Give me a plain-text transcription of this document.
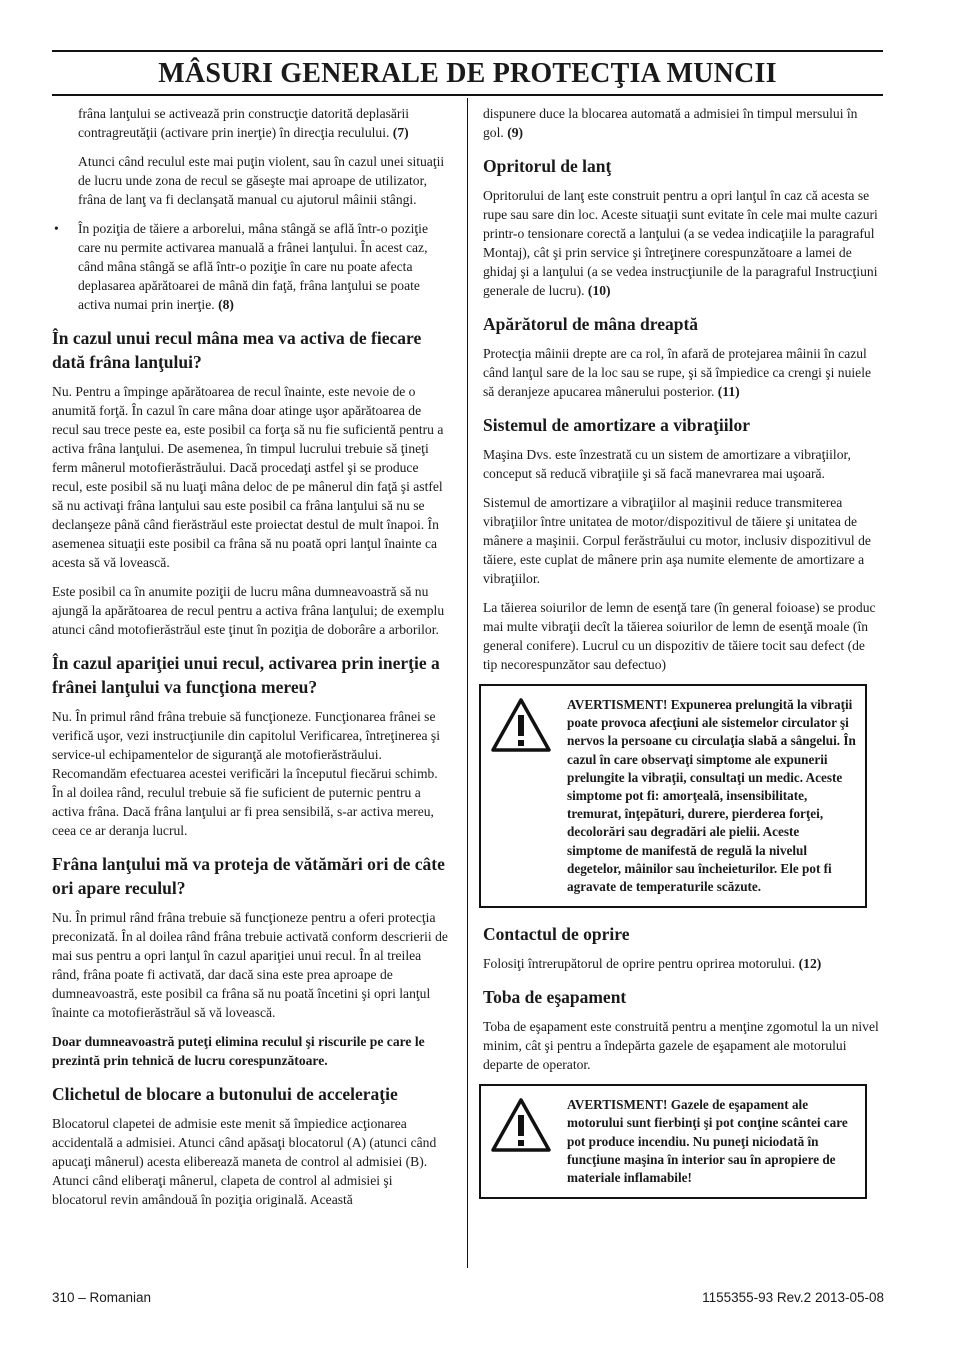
MÂSURI GENERALE DE PROTECŢIA MUNCII

frâna lanţului se activează prin construcţie datorită deplasării contragreutăţii (activare prin inerţie) în direcţia reculului. (7)

Atunci când reculul este mai puţin violent, sau în cazul unei situaţii de lucru unde zona de recul se găseşte mai aproape de utilizator, frâna de lanţ va fi declanşată manual cu ajutorul mâinii stângi.

• În poziţia de tăiere a arborelui, mâna stângă se află într-o poziţie care nu permite activarea manuală a frânei lanţului. În acest caz, când mâna stângă se află într-o poziţie în care nu poate afecta deplasarea apărătoarei de mână din faţă, frâna lanţului se poate activa numai prin inerţie. (8)

În cazul unui recul mâna mea va activa de fiecare dată frâna lanţului?

Nu. Pentru a împinge apărătoarea de recul înainte, este nevoie de o anumită forţă. În cazul în care mâna doar atinge uşor apărătoarea de recul sau trece peste ea, este posibil ca forţa să nu fie suficientă pentru a activa frâna lanţului. De asemenea, în timpul lucrului trebuie să ţineţi ferm mânerul motofierăstrăului. Dacă procedaţi astfel şi se produce recul, este posibil să nu luaţi mâna deloc de pe mânerul din faţă şi astfel să nu activaţi frâna lanţului sau este posibil ca frâna lanţului să nu se declanşeze până când fierăstrăul este proiectat destul de mult înapoi. În asemenea situaţii este posibil ca frâna să nu poată opri lanţul înainte ca acesta să vă lovească.

Este posibil ca în anumite poziţii de lucru mâna dumneavoastră să nu ajungă la apărătoarea de recul pentru a activa frâna lanţului; de exemplu atunci când motofierăstrăul este ţinut în poziţia de doborâre a arborilor.

În cazul apariţiei unui recul, activarea prin inerţie a frânei lanţului va funcţiona mereu?

Nu. În primul rând frâna trebuie să funcţioneze. Funcţionarea frânei se verifică uşor, vezi instrucţiunile din capitolul Verificarea, întreţinerea şi service-ul echipamentelor de siguranţă ale motofierăstrăului. Recomandăm efectuarea acestei verificări la începutul fiecărui schimb. În al doilea rând, reculul trebuie să fie suficient de puternic pentru a activa frâna. Dacă frâna lanţului ar fi prea sensibilă, s-ar activa mereu, ceea ce ar deranja lucrul.

Frâna lanţului mă va proteja de vătămări ori de câte ori apare reculul?

Nu. În primul rând frâna trebuie să funcţioneze pentru a oferi protecţia preconizată. În al doilea rând frâna trebuie activată conform descrierii de mai sus pentru a opri lanţul în cazul apariţiei unui recul. În al treilea rând, frâna poate fi activată, dar dacă sina este prea aproape de dumneavoastră, este posibil ca frâna să nu poată încetini şi opri lanţul înainte ca motofierăstrăul să vă lovească.

Doar dumneavoastră puteţi elimina reculul şi riscurile pe care le prezintă prin tehnică de lucru corespunzătoare.

Clichetul de blocare a butonului de acceleraţie

Blocatorul clapetei de admisie este menit să împiedice acţionarea accidentală a admisiei. Atunci când apăsaţi blocatorul (A) (atunci când apucaţi mânerul) acesta eliberează maneta de control al admisiei (B). Atunci când eliberaţi mânerul, clapeta de control al admisiei şi blocatorul revin amândouă în poziţia originală. Această

dispunere duce la blocarea automată a admisiei în timpul mersului în gol. (9)

Opritorul de lanţ

Opritorului de lanţ este construit pentru a opri lanţul în caz că acesta se rupe sau sare din loc. Aceste situaţii sunt evitate în cele mai multe cazuri printr-o tensionare corectă a lanţului (a se vedea indicaţiile la paragraful Montaj), cât şi prin service şi întreţinere corespunzătoare a lamei de ghidaj şi a lanţului (a se vedea instrucţiunile de la paragraful Instrucţiuni generale de lucru). (10)

Apărătorul de mâna dreaptă

Protecţia mâinii drepte are ca rol, în afară de protejarea mâinii în cazul când lanţul sare de la loc sau se rupe, şi să împiedice ca crengi şi nuiele să deranjeze apucarea mânerului posterior. (11)

Sistemul de amortizare a vibraţiilor

Maşina Dvs. este înzestrată cu un sistem de amortizare a vibraţiilor, conceput să reducă vibraţiile şi să facă manevrarea mai uşoară.

Sistemul de amortizare a vibraţiilor al maşinii reduce transmiterea vibraţiilor între unitatea de motor/dispozitivul de tăiere şi unitatea de mânere a maşinii. Corpul ferăstrăului cu motor, inclusiv dispozitivul de tăiere, este cuplat de mânere prin aşa numite elemente de amortizare a vibraţiilor.

La tăierea soiurilor de lemn de esenţă tare (în general foioase) se produc mai multe vibraţii decît la tăierea soiurilor de lemn de esenţă moale (în general conifere). Lucrul cu un dispozitiv de tăiere tocit sau defect (de tip necorespunzător sau defectuo)

AVERTISMENT! Expunerea prelungită la vibraţii poate provoca afecţiuni ale sistemelor circulator şi nervos la persoane cu circulaţia slabă a sângelui. În cazul în care observaţi simptome ale expunerii prelungite la vibraţii, consultaţi un medic. Aceste simptome pot fi: amorţeală, insensibilitate, tremurat, înţepături, durere, pierderea forţei, decolorări sau degradări ale pielii. Aceste simptome de manifestă de regulă la nivelul degetelor, mâinilor sau încheieturilor. Ele pot fi agravate de temperaturile scăzute.

Contactul de oprire

Folosiţi întrerupătorul de oprire pentru oprirea motorului. (12)

Toba de eşapament

Toba de eşapament este construită pentru a menţine zgomotul la un nivel minim, cât şi pentru a îndepărta gazele de eşapament ale motorului departe de operator.

AVERTISMENT! Gazele de eşapament ale motorului sunt fierbinţi şi pot conţine scântei care pot produce incendiu. Nu puneţi niciodată în funcţiune maşina în interior sau în apropiere de materiale inflamabile!

310 – Romanian	1155355-93 Rev.2 2013-05-08
